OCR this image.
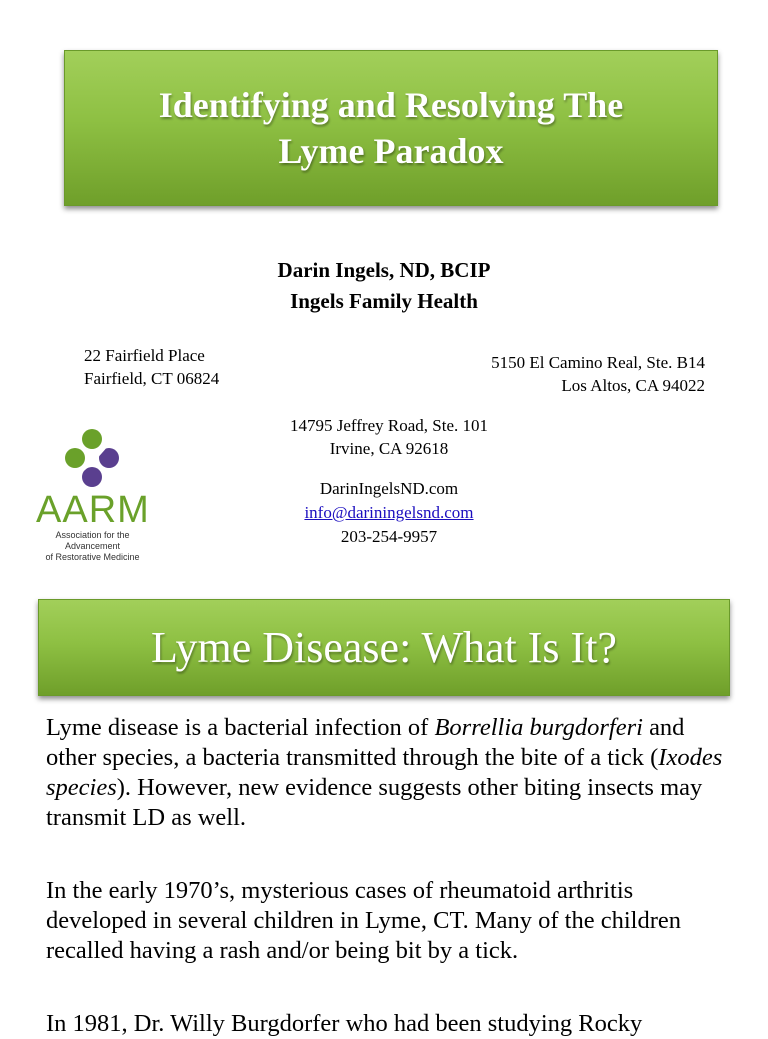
Identifying and Resolving The
Lyme Paradox
Darin Ingels, ND, BCIP
Ingels Family Health
22 Fairfield Place
Fairfield, CT 06824
5150 El Camino Real, Ste. B14
Los Altos, CA 94022
14795 Jeffrey Road, Ste. 101
Irvine, CA 92618
DarinIngelsND.com
info@dariningelsnd.com
203-254-9957
AARM
Association for the Advancement
of Restorative Medicine
Lyme Disease: What Is It?
Lyme disease is a bacterial infection of Borrellia burgdorferi and other species, a bacteria transmitted through the bite of a tick (Ixodes species). However, new evidence suggests other biting insects may transmit LD as well.
In the early 1970’s, mysterious cases of rheumatoid arthritis developed in several children in Lyme, CT. Many of the children recalled having a rash and/or being bit by a tick.
In 1981, Dr. Willy Burgdorfer who had been studying Rocky
